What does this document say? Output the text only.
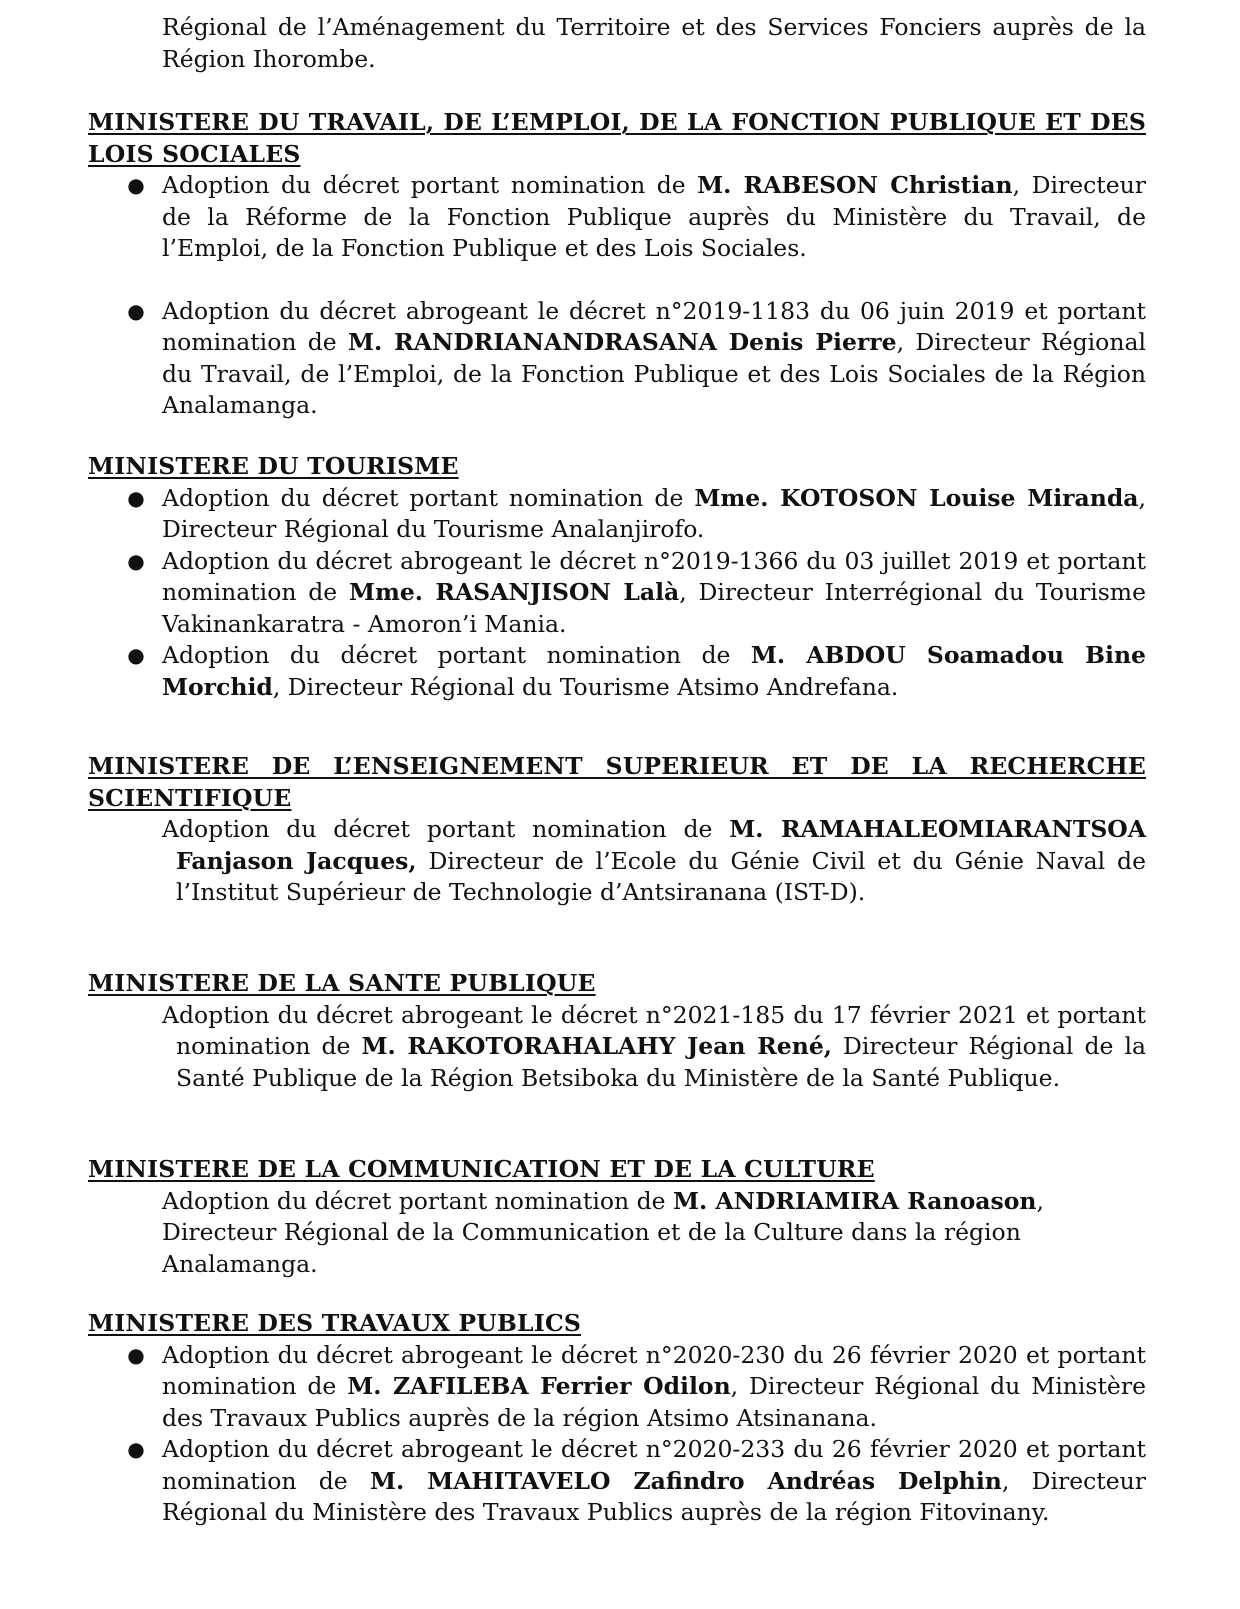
Régional de l’Aménagement du Territoire et des Services Fonciers auprès de la Région Ihorombe.
MINISTERE DU TRAVAIL, DE L’EMPLOI, DE LA FONCTION PUBLIQUE ET DES LOIS SOCIALES
● Adoption du décret portant nomination de M. RABESON Christian, Directeur de la Réforme de la Fonction Publique auprès du Ministère du Travail, de l’Emploi, de la Fonction Publique et des Lois Sociales.
● Adoption du décret abrogeant le décret n°2019-1183 du 06 juin 2019 et portant nomination de M. RANDRIANANDRASANA Denis Pierre, Directeur Régional du Travail, de l’Emploi, de la Fonction Publique et des Lois Sociales de la Région Analamanga.
MINISTERE DU TOURISME
● Adoption du décret portant nomination de Mme. KOTOSON Louise Miranda, Directeur Régional du Tourisme Analanjirofo.
● Adoption du décret abrogeant le décret n°2019-1366 du 03 juillet 2019 et portant nomination de Mme. RASANJISON Lalà, Directeur Interrégional du Tourisme Vakinankaratra - Amoron’i Mania.
● Adoption du décret portant nomination de M. ABDOU Soamadou Bine Morchid, Directeur Régional du Tourisme Atsimo Andrefana.
MINISTERE DE L’ENSEIGNEMENT SUPERIEUR ET DE LA RECHERCHE SCIENTIFIQUE
Adoption du décret portant nomination de M. RAMAHALEOMIARANTSOA Fanjason Jacques, Directeur de l’Ecole du Génie Civil et du Génie Naval de l’Institut Supérieur de Technologie d’Antsiranana (IST-D).
MINISTERE DE LA SANTE PUBLIQUE
Adoption du décret abrogeant le décret n°2021-185 du 17 février 2021 et portant nomination de M. RAKOTORAHALAHY Jean René, Directeur Régional de la Santé Publique de la Région Betsiboka du Ministère de la Santé Publique.
MINISTERE DE LA COMMUNICATION ET DE LA CULTURE
Adoption du décret portant nomination de M. ANDRIAMIRA Ranoason, Directeur Régional de la Communication et de la Culture dans la région Analamanga.
MINISTERE DES TRAVAUX PUBLICS
● Adoption du décret abrogeant le décret n°2020-230 du 26 février 2020 et portant nomination de M. ZAFILEBA Ferrier Odilon, Directeur Régional du Ministère des Travaux Publics auprès de la région Atsimo Atsinanana.
● Adoption du décret abrogeant le décret n°2020-233 du 26 février 2020 et portant nomination de M. MAHITAVELO Zafindro Andréas Delphin, Directeur Régional du Ministère des Travaux Publics auprès de la région Fitovinany.
